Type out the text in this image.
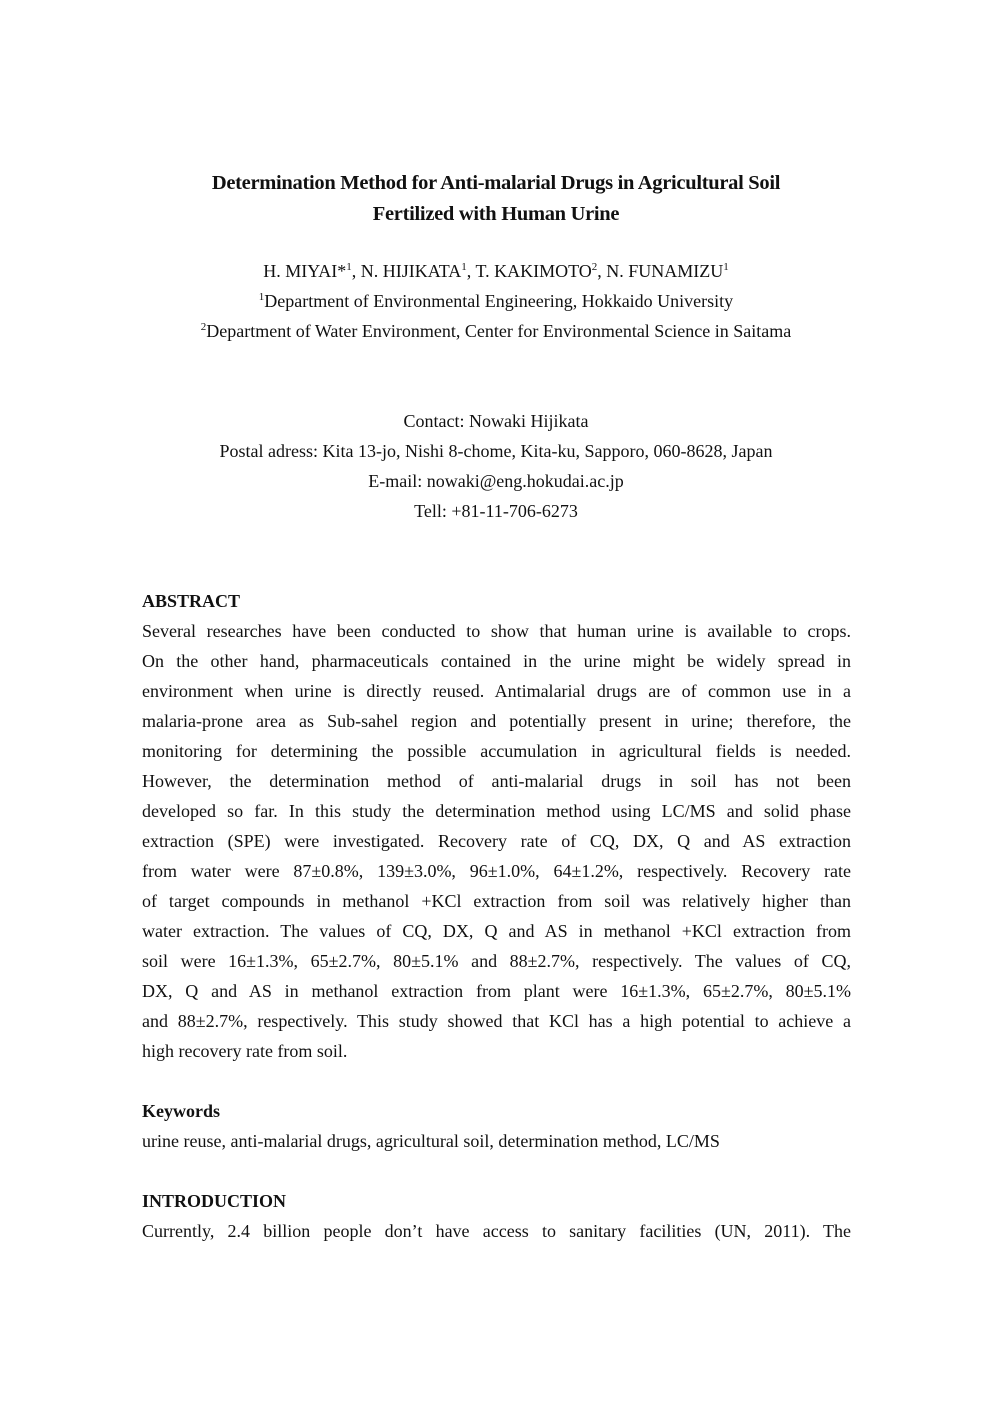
Determination Method for Anti-malarial Drugs in Agricultural Soil
Fertilized with Human Urine
H. MIYAI*$^1$, N. HIJIKATA$^1$, T. KAKIMOTO$^2$, N. FUNAMIZU$^1$
$^1$Department of Environmental Engineering, Hokkaido University
$^2$Department of Water Environment, Center for Environmental Science in Saitama
Contact: Nowaki Hijikata
Postal adress: Kita 13-jo, Nishi 8-chome, Kita-ku, Sapporo, 060-8628, Japan
E-mail: nowaki@eng.hokudai.ac.jp
Tell: +81-11-706-6273
ABSTRACT
Several researches have been conducted to show that human urine is available to crops.
On the other hand, pharmaceuticals contained in the urine might be widely spread in
environment when urine is directly reused. Antimalarial drugs are of common use in a
malaria-prone area as Sub-sahel region and potentially present in urine; therefore, the
monitoring for determining the possible accumulation in agricultural fields is needed.
However, the determination method of anti-malarial drugs in soil has not been
developed so far. In this study the determination method using LC/MS and solid phase
extraction (SPE) were investigated. Recovery rate of CQ, DX, Q and AS extraction
from water were 87±0.8%, 139±3.0%, 96±1.0%, 64±1.2%, respectively. Recovery rate
of target compounds in methanol +KCl extraction from soil was relatively higher than
water extraction. The values of CQ, DX, Q and AS in methanol +KCl extraction from
soil were 16±1.3%, 65±2.7%, 80±5.1% and 88±2.7%, respectively. The values of CQ,
DX, Q and AS in methanol extraction from plant were 16±1.3%, 65±2.7%, 80±5.1%
and 88±2.7%, respectively. This study showed that KCl has a high potential to achieve a
high recovery rate from soil.
Keywords
urine reuse, anti-malarial drugs, agricultural soil, determination method, LC/MS
INTRODUCTION
Currently, 2.4 billion people don’t have access to sanitary facilities (UN, 2011). The
